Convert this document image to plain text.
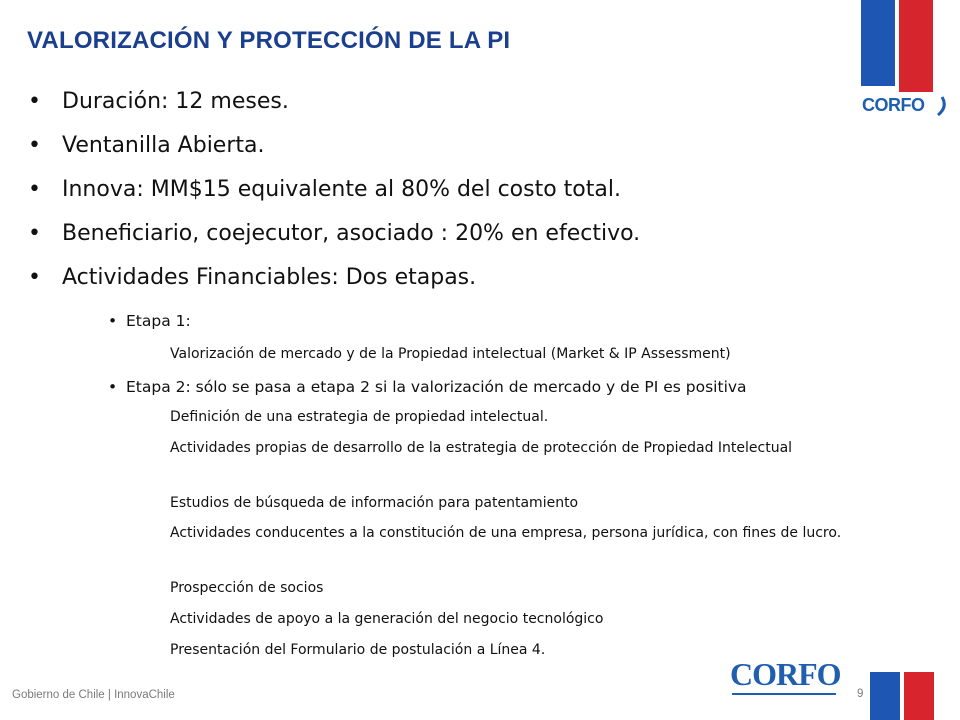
VALORIZACIÓN Y PROTECCIÓN DE LA PI
• Duración: 12 meses.
• Ventanilla Abierta.
• Innova: MM$15 equivalente al 80% del costo total.
• Beneficiario, coejecutor, asociado : 20% en efectivo.
• Actividades Financiables: Dos etapas.
• Etapa 1:
Valorización de mercado y de la Propiedad intelectual (Market & IP Assessment)
• Etapa 2: sólo se pasa a etapa 2 si la valorización de mercado y de PI es positiva
Definición de una estrategia de propiedad intelectual.
Actividades propias de desarrollo de la estrategia de protección de Propiedad Intelectual
Estudios de búsqueda de información para patentamiento
Actividades conducentes a la constitución de una empresa, persona jurídica, con fines de lucro.
Prospección de socios
Actividades de apoyo a la generación del negocio tecnológico
Presentación del Formulario de postulación a Línea 4.
CORFO
CORFO
Gobierno de Chile | InnovaChile	9
